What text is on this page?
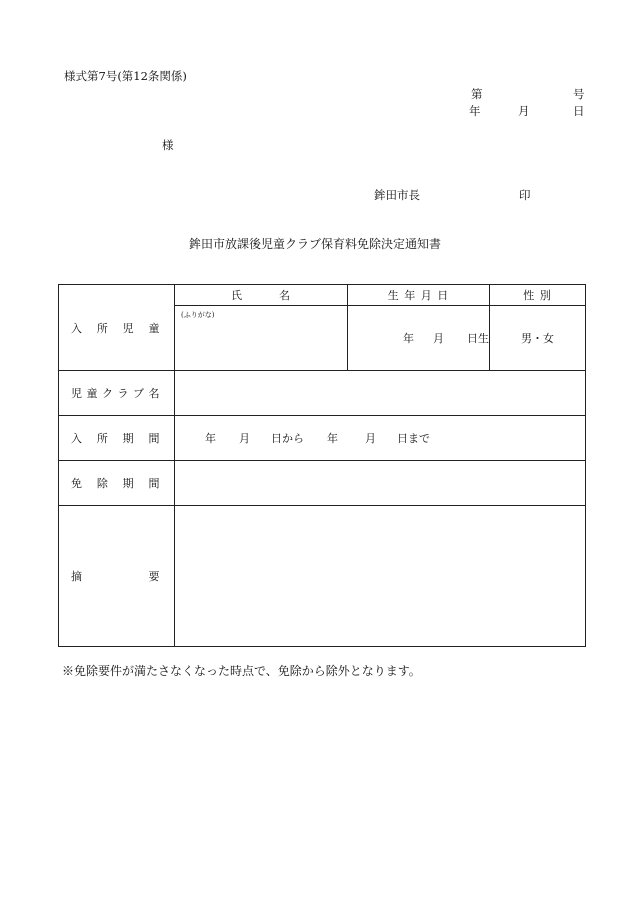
様式第7号(第12条関係)
第	号
年	月	日
様
鉾田市長	印
鉾田市放課後児童クラブ保育料免除決定通知書
入 所 児 童	氏　　　名	生 年 月 日	性 別
	(ふりがな)	年 月 日生	男・女
児 童 ク ラ ブ 名			
入 所 期 間	年 月 日から 年 月 日まで		
免 除 期 間			
摘 要			
※免除要件が満たさなくなった時点で、免除から除外となります。
